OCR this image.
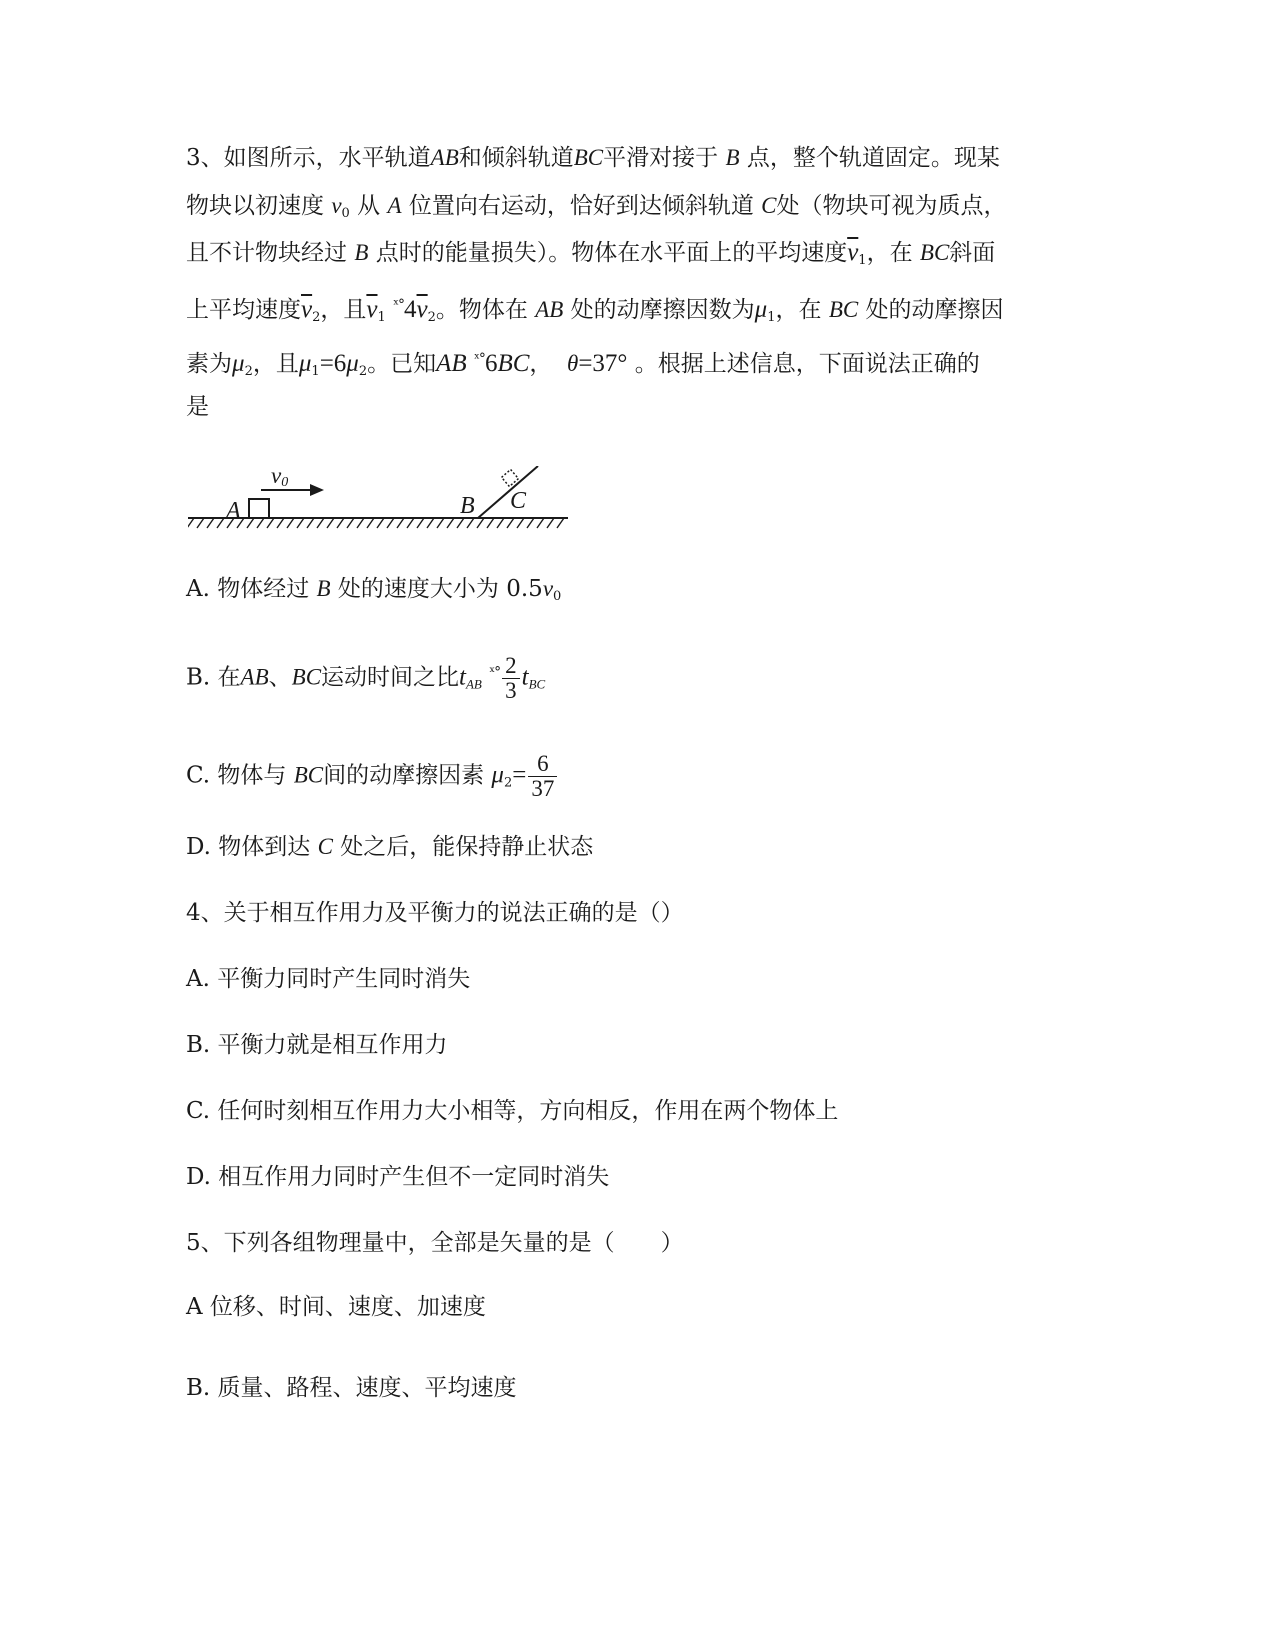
3、如图所示，水平轨道AB和倾斜轨道BC平滑对接于 B 点，整个轨道固定。现某
物块以初速度 $v_0$ 从 A 位置向右运动，恰好到达倾斜轨道 C处（物块可视为质点，
且不计物块经过 B 点时的能量损失）。物体在水平面上的平均速度$\overline{v}_1$，在 BC斜面
上平均速度$\overline{v}_2$，且$\overline{v}_1$ $^{ˣ^\circ}4\overline{v}_2$。物体在 AB 处的动摩擦因数为$\mu_1$，在 BC 处的动摩擦因
素为$\mu_2$，且$\mu_1=6\mu_2$。已知AB $^{ˣ^\circ}$6BC， θ=37° 。根据上述信息，下面说法正确的
是
v0
A	B C
A. 物体经过 B 处的速度大小为 $0.5v_0$
B. 在AB、BC运动时间之比$t_{AB}$ $^{ˣ^\circ} \frac{2}{3} t_{BC}$
C. 物体与 BC间的动摩擦因素 $\mu_2= \frac{6}{37}$
D. 物体到达 C 处之后，能保持静止状态
4、关于相互作用力及平衡力的说法正确的是（）
A. 平衡力同时产生同时消失
B. 平衡力就是相互作用力
C. 任何时刻相互作用力大小相等，方向相反，作用在两个物体上
D. 相互作用力同时产生但不一定同时消失
5、下列各组物理量中，全部是矢量的是（　　）
A 位移、时间、速度、加速度
B. 质量、路程、速度、平均速度
